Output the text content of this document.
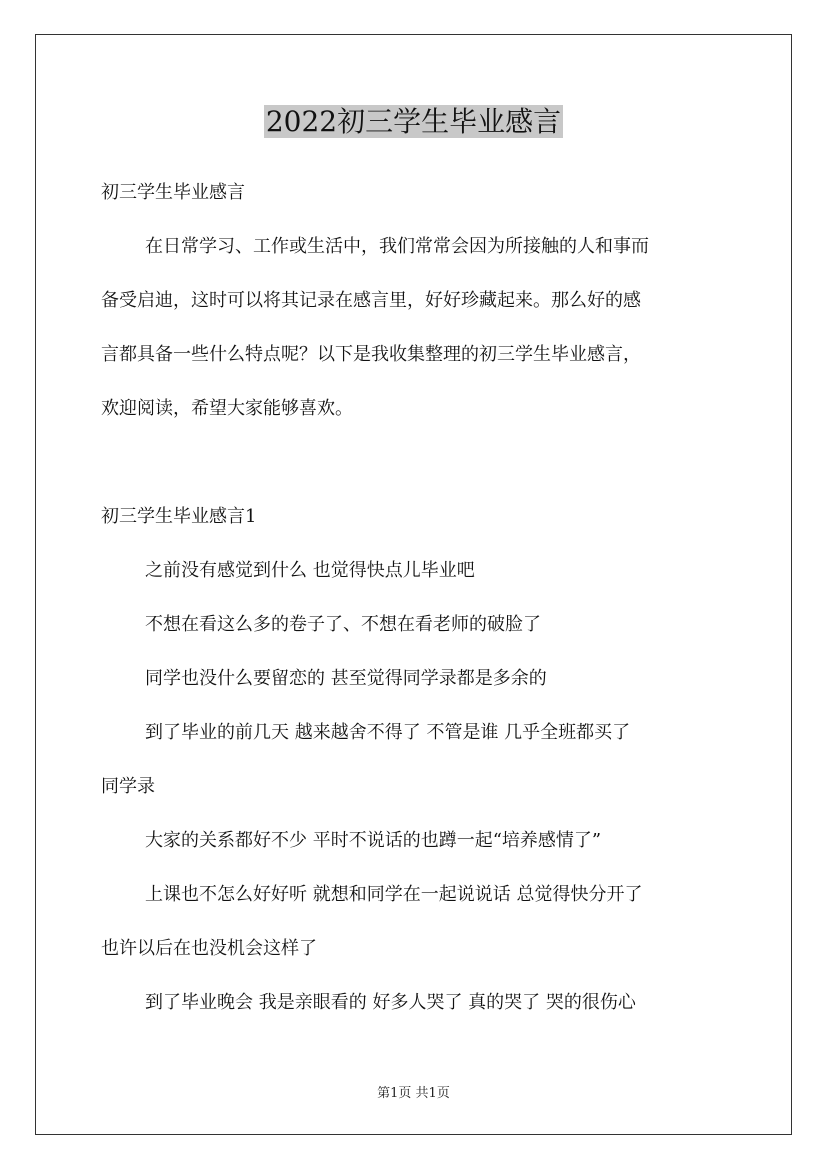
2022初三学生毕业感言
初三学生毕业感言
在日常学习、工作或生活中，我们常常会因为所接触的人和事而
备受启迪，这时可以将其记录在感言里，好好珍藏起来。那么好的感
言都具备一些什么特点呢？以下是我收集整理的初三学生毕业感言，
欢迎阅读，希望大家能够喜欢。
初三学生毕业感言1
之前没有感觉到什么 也觉得快点儿毕业吧
不想在看这么多的卷子了、不想在看老师的破脸了
同学也没什么要留恋的 甚至觉得同学录都是多余的
到了毕业的前几天 越来越舍不得了 不管是谁 几乎全班都买了
同学录
大家的关系都好不少 平时不说话的也蹲一起“培养感情了”
上课也不怎么好好听 就想和同学在一起说说话 总觉得快分开了
也许以后在也没机会这样了
到了毕业晚会 我是亲眼看的 好多人哭了 真的哭了 哭的很伤心
第1页 共1页
